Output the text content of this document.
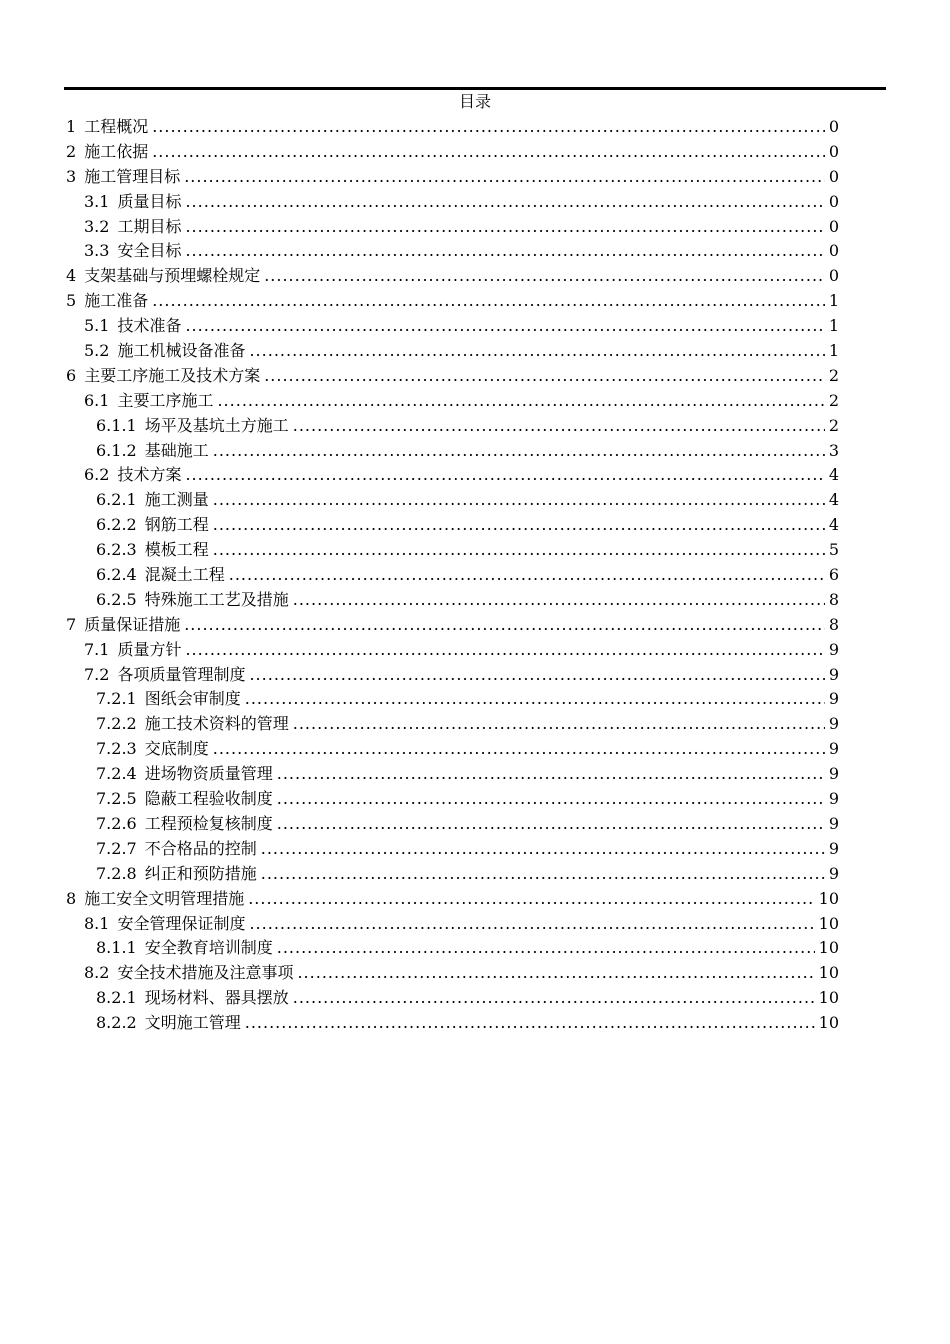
目录
1 工程概况 .....	0
2 施工依据 .....	0
3 施工管理目标 .....	0
3.1 质量目标 .....	0
3.2 工期目标 .....	0
3.3 安全目标 .....	0
4 支架基础与预埋螺栓规定 .....	0
5 施工准备 .....	1
5.1 技术准备 .....	1
5.2 施工机械设备准备 .....	1
6 主要工序施工及技术方案 .....	2
6.1 主要工序施工 .....	2
6.1.1 场平及基坑土方施工 .....	2
6.1.2 基础施工 .....	3
6.2 技术方案 .....	4
6.2.1 施工测量 .....	4
6.2.2 钢筋工程 .....	4
6.2.3 模板工程 .....	5
6.2.4 混凝土工程 .....	6
6.2.5 特殊施工工艺及措施 .....	8
7 质量保证措施 .....	8
7.1 质量方针 .....	9
7.2 各项质量管理制度 .....	9
7.2.1 图纸会审制度 .....	9
7.2.2 施工技术资料的管理 .....	9
7.2.3 交底制度 .....	9
7.2.4 进场物资质量管理 .....	9
7.2.5 隐蔽工程验收制度 .....	9
7.2.6 工程预检复核制度 .....	9
7.2.7 不合格品的控制 .....	9
7.2.8 纠正和预防措施 .....	9
8 施工安全文明管理措施 .....	10
8.1 安全管理保证制度 .....	10
8.1.1 安全教育培训制度 .....	10
8.2 安全技术措施及注意事项 .....	10
8.2.1 现场材料、器具摆放 .....	10
8.2.2 文明施工管理 .....	10
